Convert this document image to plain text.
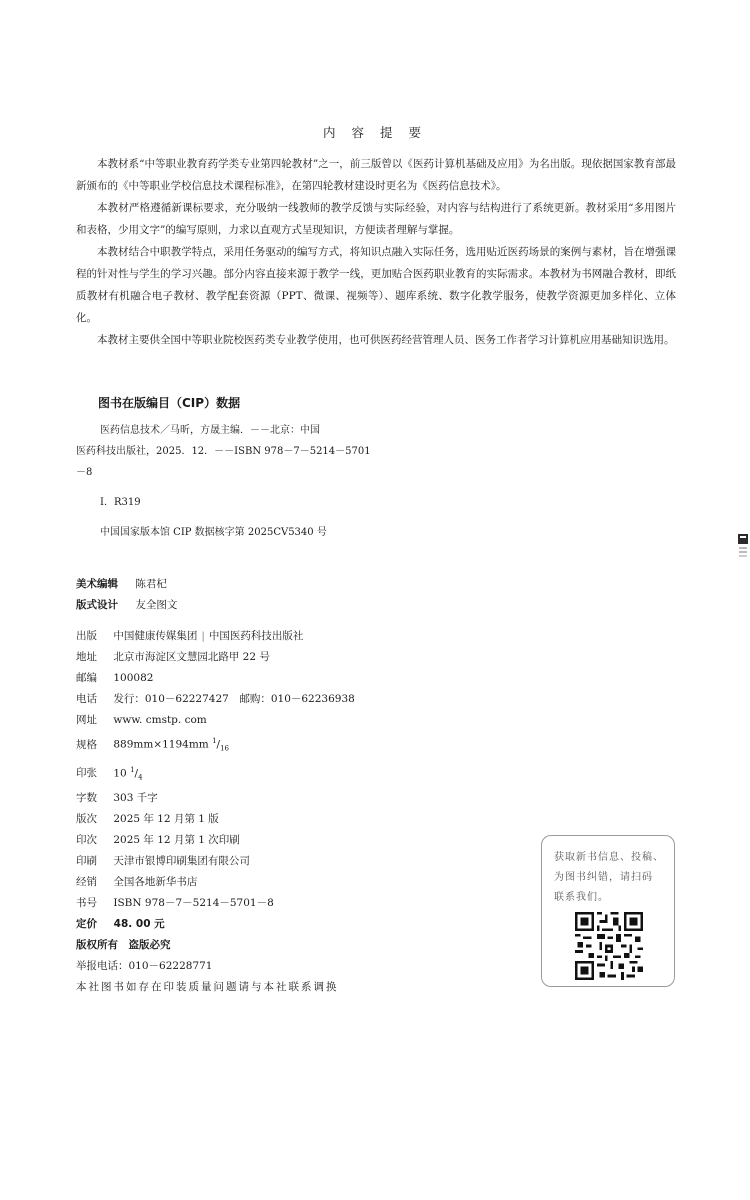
内 容 提 要

本教材系“中等职业教育药学类专业第四轮教材”之一，前三版曾以《医药计算机基础及应用》为名出版。现依据国家教育部最新颁布的《中等职业学校信息技术课程标准》，在第四轮教材建设时更名为《医药信息技术》。

本教材严格遵循新课标要求，充分吸纳一线教师的教学反馈与实际经验，对内容与结构进行了系统更新。教材采用“多用图片和表格，少用文字”的编写原则，力求以直观方式呈现知识，方便读者理解与掌握。

本教材结合中职教学特点，采用任务驱动的编写方式，将知识点融入实际任务，选用贴近医药场景的案例与素材，旨在增强课程的针对性与学生的学习兴趣。部分内容直接来源于教学一线，更加贴合医药职业教育的实际需求。本教材为书网融合教材，即纸质教材有机融合电子教材、教学配套资源（PPT、微课、视频等）、题库系统、数字化教学服务，使教学资源更加多样化、立体化。

本教材主要供全国中等职业院校医药类专业教学使用，也可供医药经营管理人员、医务工作者学习计算机应用基础知识选用。

图书在版编目（CIP）数据
医药信息技术／马昕，方晟主编．－－北京：中国
医药科技出版社，2025．12．－－ISBN 978－7－5214－5701
－8
Ⅰ．R319
中国国家版本馆 CIP 数据核字第 2025CV5340 号
美术编辑 陈君杞
版式设计 友全图文
出版 中国健康传媒集团 | 中国医药科技出版社
地址 北京市海淀区文慧园北路甲 22 号
邮编 100082
电话 发行：010－62227427　邮购：010－62236938
网址 www. cmstp. com
规格 889mm×1194mm $^1/_{16}$
印张 10 $^1/_4$
字数 303 千字
版次 2025 年 12 月第 1 版
印次 2025 年 12 月第 1 次印刷
印刷 天津市银博印刷集团有限公司
经销 全国各地新华书店
书号 ISBN 978－7－5214－5701－8
定价 48. 00 元
版权所有　盗版必究
举报电话：010－62228771
本社图书如存在印装质量问题请与本社联系调换
获取新书信息、投稿、
为图书纠错，请扫码
联系我们。
